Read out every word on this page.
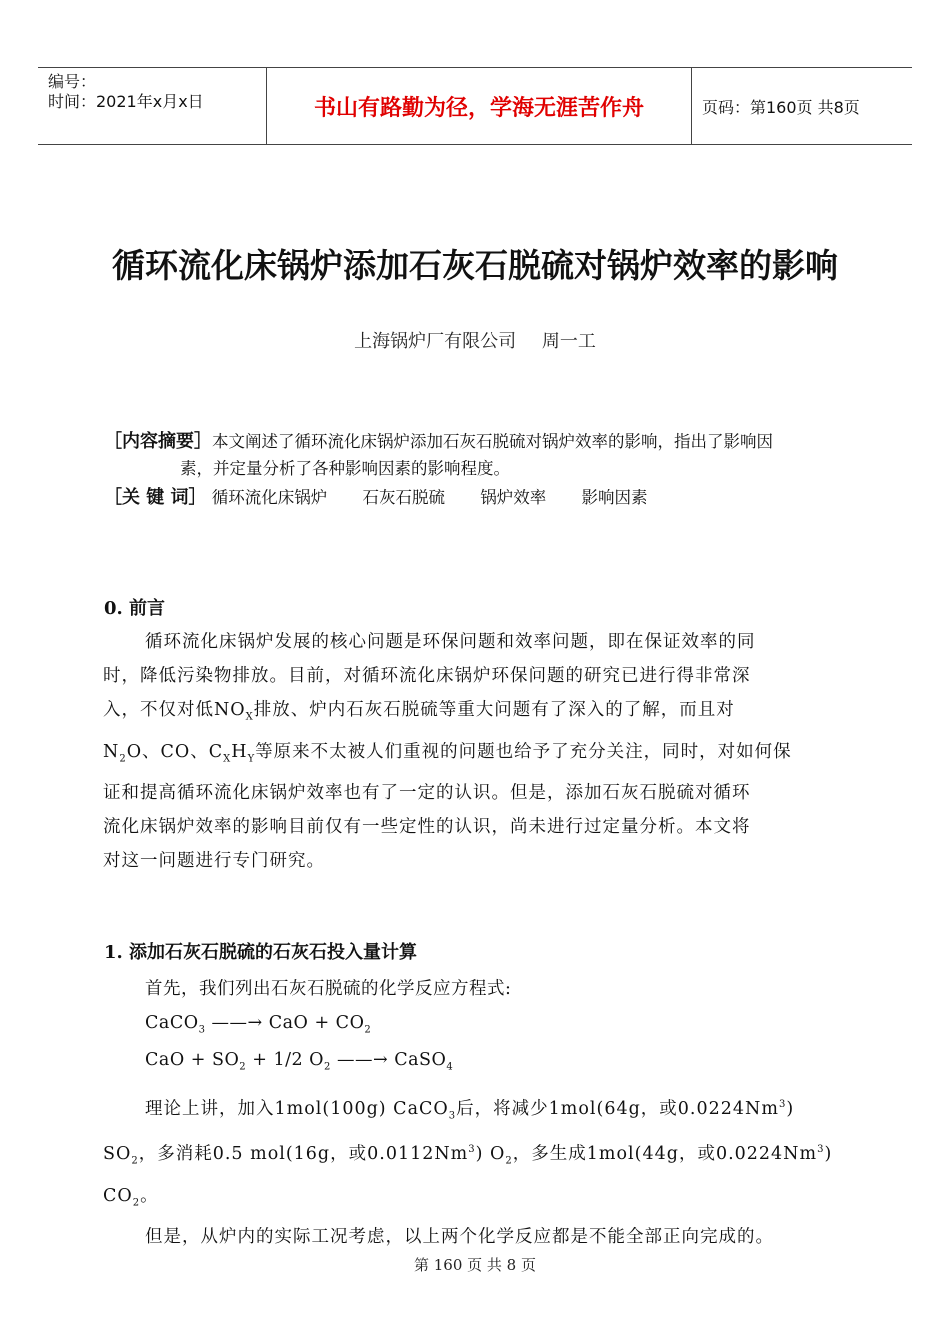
编号：
时间：2021年x月x日	书山有路勤为径，学海无涯苦作舟	页码：第160页 共8页
循环流化床锅炉添加石灰石脱硫对锅炉效率的影响
上海锅炉厂有限公司 周一工
［内容摘要］本文阐述了循环流化床锅炉添加石灰石脱硫对锅炉效率的影响，指出了影响因
素，并定量分析了各种影响因素的影响程度。
［关 键 词］ 循环流化床锅炉 石灰石脱硫 锅炉效率 影响因素
0. 前言

循环流化床锅炉发展的核心问题是环保问题和效率问题，即在保证效率的同

时，降低污染物排放。目前，对循环流化床锅炉环保问题的研究已进行得非常深

入，不仅对低$NO_X$排放、炉内石灰石脱硫等重大问题有了深入的了解，而且对

$N_2O$、CO、$C_XH_Y$等原来不太被人们重视的问题也给予了充分关注，同时，对如何保

证和提高循环流化床锅炉效率也有了一定的认识。但是，添加石灰石脱硫对循环

流化床锅炉效率的影响目前仅有一些定性的认识，尚未进行过定量分析。本文将

对这一问题进行专门研究。

1. 添加石灰石脱硫的石灰石投入量计算
首先，我们列出石灰石脱硫的化学反应方程式:
CaCO$_3$ ——→ CaO + $CO_2$
CaO + $SO_2 + 1/2$ $O_2$ ——→ CaSO$_4$

理论上讲，加入1mol(100g) CaCO$_3$后，将减少1mol(64g，或0.0224Nm$^3$)

$SO_2$，多消耗0.5 mol(16g，或0.0112Nm$^3$) $O_2$，多生成1mol(44g，或0.0224Nm$^3$)

$CO_2$。

但是，从炉内的实际工况考虑，以上两个化学反应都是不能全部正向完成的。

第 160 页 共 8 页
